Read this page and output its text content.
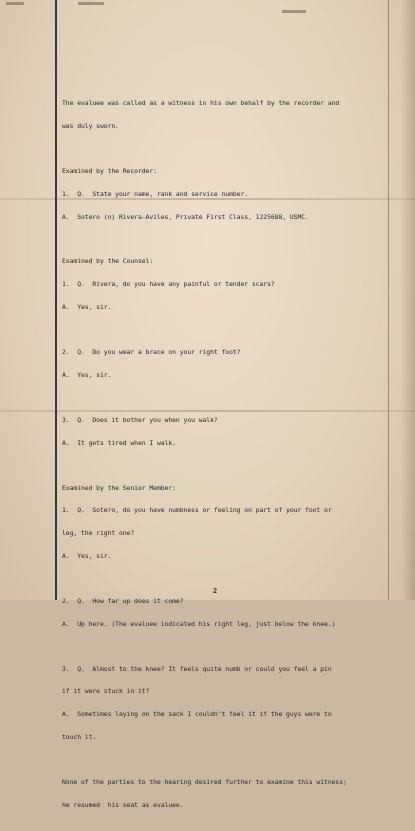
The evaluee was called as a witness in his own behalf by the recorder and

was duly sworn.

Examined by the Recorder:

1.  Q.  State your name, rank and service number.

A.  Sotero (n) Rivera-Aviles, Private First Class, 1225688, USMC.

Examined by the Counsel:

1.  Q.  Rivera, do you have any painful or tender scars?

A.  Yes, sir.

2.  Q.  Do you wear a brace on your right foot?

A.  Yes, sir.

3.  Q.  Does it bother you when you walk?

A.  It gets tired when I walk.

Examined by the Senior Member:

1.  Q.  Sotero, do you have numbness or feeling on part of your foot or

leg, the right one?

A.  Yes, sir.

2.  Q.  How far up does it come?

A.  Up here. (The evaluee indicated his right leg, just below the knee.)

3.  Q.  Almost to the knee? It feels quite numb or could you feel a pin

if it were stuck in it?

A.  Sometimes laying on the sack I couldn't feel it if the guys were to

touch it.

None of the parties to the hearing desired further to examine this witness;

he resumed  his seat as evaluee.

2
